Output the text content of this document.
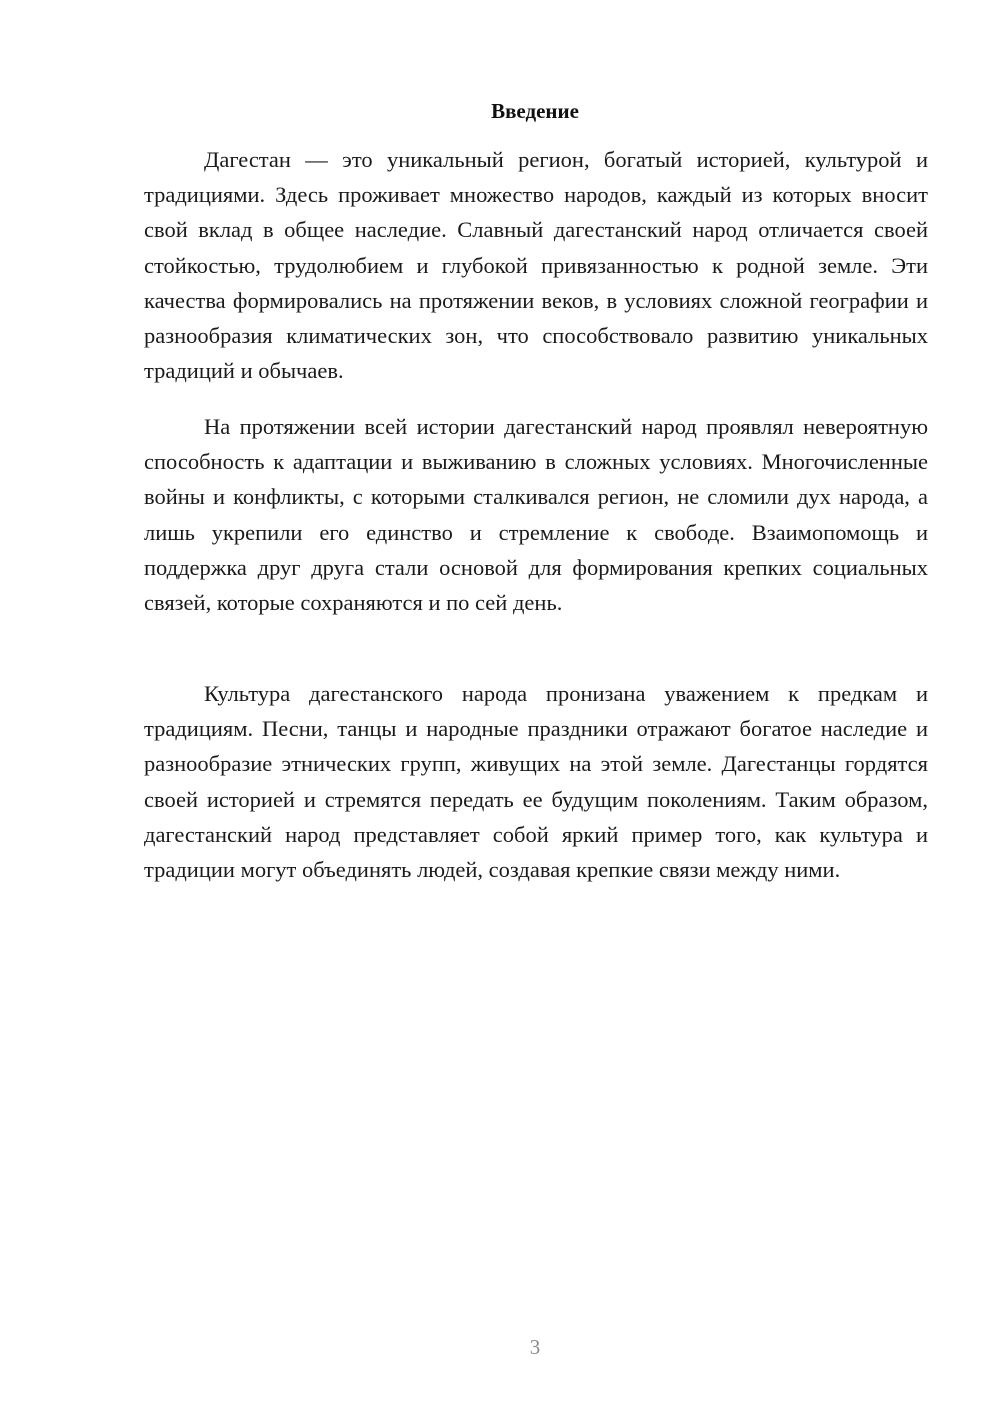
Введение

Дагестан — это уникальный регион, богатый историей, культурой и традициями. Здесь проживает множество народов, каждый из которых вносит свой вклад в общее наследие. Славный дагестанский народ отличается своей стойкостью, трудолюбием и глубокой привязанностью к родной земле. Эти качества формировались на протяжении веков, в условиях сложной географии и разнообразия климатических зон, что способствовало развитию уникальных традиций и обычаев.

На протяжении всей истории дагестанский народ проявлял невероятную способность к адаптации и выживанию в сложных условиях. Многочисленные войны и конфликты, с которыми сталкивался регион, не сломили дух народа, а лишь укрепили его единство и стремление к свободе. Взаимопомощь и поддержка друг друга стали основой для формирования крепких социальных связей, которые сохраняются и по сей день.

Культура дагестанского народа пронизана уважением к предкам и традициям. Песни, танцы и народные праздники отражают богатое наследие и разнообразие этнических групп, живущих на этой земле. Дагестанцы гордятся своей историей и стремятся передать ее будущим поколениям. Таким образом, дагестанский народ представляет собой яркий пример того, как культура и традиции могут объединять людей, создавая крепкие связи между ними.

3
